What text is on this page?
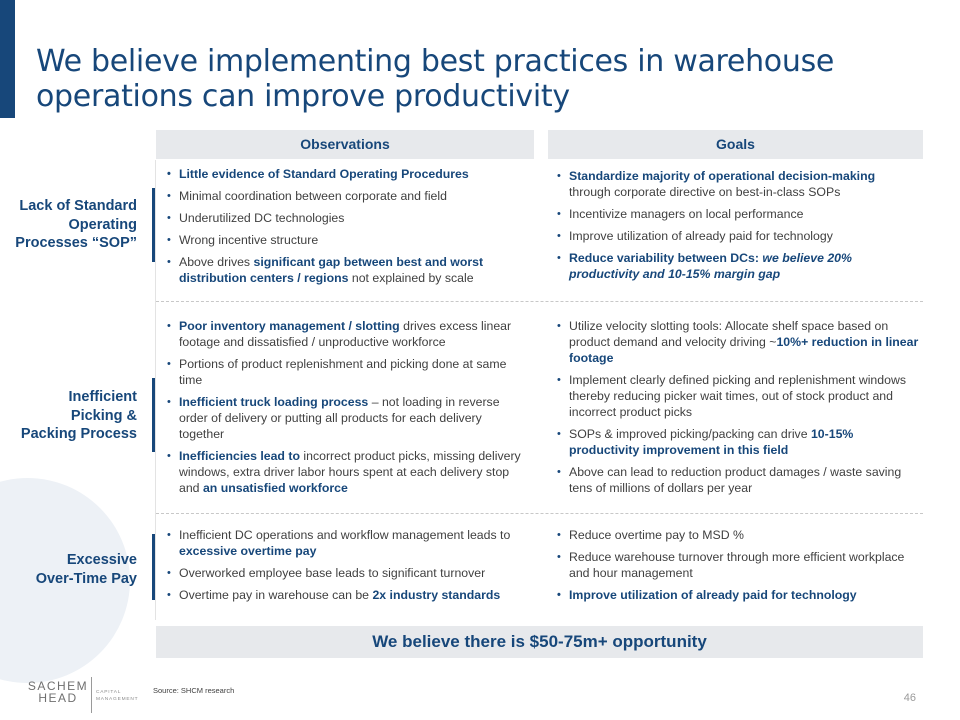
We believe implementing best practices in warehouse operations can improve productivity
Observations	Goals
Lack of Standard
Operating
Processes “SOP”
• Little evidence of Standard Operating Procedures
• Minimal coordination between corporate and field
• Underutilized DC technologies
• Wrong incentive structure
• Above drives significant gap between best and worst distribution centers / regions not explained by scale
• Standardize majority of operational decision-making through corporate directive on best-in-class SOPs
• Incentivize managers on local performance
• Improve utilization of already paid for technology
• Reduce variability between DCs: we believe 20% productivity and 10-15% margin gap
Inefficient
Picking &
Packing Process
• Poor inventory management / slotting drives excess linear footage and dissatisfied / unproductive workforce
• Portions of product replenishment and picking done at same time
• Inefficient truck loading process – not loading in reverse order of delivery or putting all products for each delivery together
• Inefficiencies lead to incorrect product picks, missing delivery windows, extra driver labor hours spent at each delivery stop and an unsatisfied workforce
• Utilize velocity slotting tools: Allocate shelf space based on product demand and velocity driving ~10%+ reduction in linear footage
• Implement clearly defined picking and replenishment windows thereby reducing picker wait times, out of stock product and incorrect product picks
• SOPs & improved picking/packing can drive 10-15% productivity improvement in this field
• Above can lead to reduction product damages / waste saving tens of millions of dollars per year
Excessive
Over-Time Pay
• Inefficient DC operations and workflow management leads to excessive overtime pay
• Overworked employee base leads to significant turnover
• Overtime pay in warehouse can be 2x industry standards
• Reduce overtime pay to MSD %
• Reduce warehouse turnover through more efficient workplace and hour management
• Improve utilization of already paid for technology
We believe there is $50-75m+ opportunity
SACHEM
HEAD	CAPITAL
MANAGEMENT
Source: SHCM research
46
